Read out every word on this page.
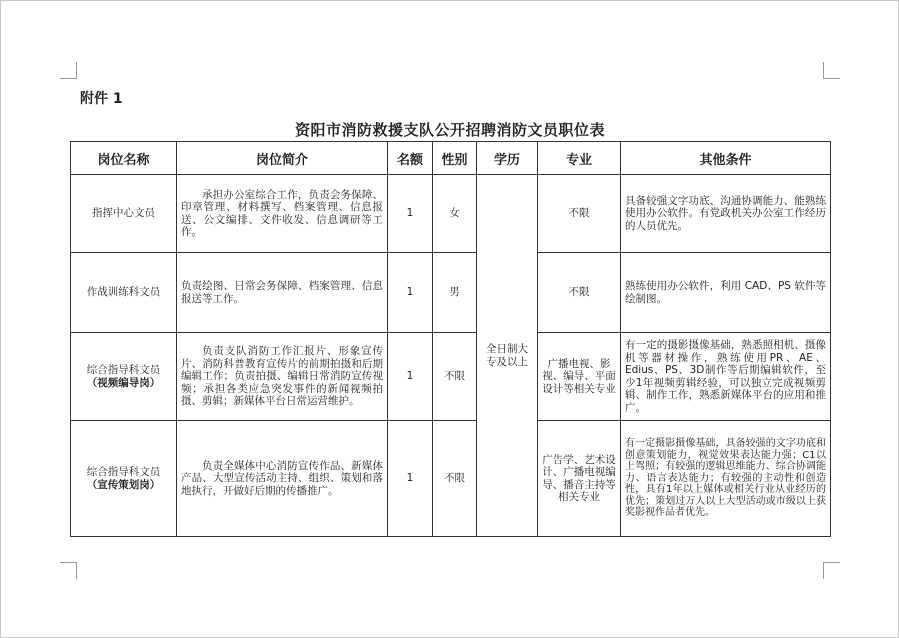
附件 1
资阳市消防救援支队公开招聘消防文员职位表
岗位名称	岗位简介	名额	性别	学历	专业	其他条件
指挥中心文员	承担办公室综合工作，负责会务保障、印章管理、材料撰写、档案管理、信息报送、公文编排、文件收发、信息调研等工作。	1	女	全日制大专及以上	不限	具备较强文字功底、沟通协调能力、能熟练使用办公软件。有党政机关办公室工作经历的人员优先。
作战训练科文员	负责绘图、日常会务保障、档案管理、信息报送等工作。	1	男		不限	熟练使用办公软件，利用 CAD、PS 软件等绘制图。

综合指导科文员
（视频编导岗）	负责支队消防工作汇报片、形象宣传片、消防科普教育宣传片的前期拍摄和后期编辑工作；负责拍摄、编辑日常消防宣传视频；承担各类应急突发事件的新闻视频拍摄、剪辑；新媒体平台日常运营维护。	1	不限		广播电视、影视、编导、平面设计等相关专业	有一定的摄影摄像基础，熟悉照相机、摄像机等器材操作，熟练使用PR、AE、Edius、PS、3D制作等后期编辑软件，至少1年视频剪辑经验，可以独立完成视频剪辑、制作工作，熟悉新媒体平台的应用和推广。

综合指导科文员
（宣传策划岗）	负责全媒体中心消防宣传作品、新媒体产品、大型宣传活动主持、组织、策划和落地执行，开做好后期的传播推广。	1	不限		广告学、艺术设计、广播电视编导、播音主持等相关专业	有一定摄影摄像基础，具备较强的文字功底和创意策划能力，视觉效果表达能力强；C1以上驾照；有较强的逻辑思维能力、综合协调能力、语言表达能力；有较强的主动性和创造性，具有1年以上媒体或相关行业从业经历的优先；策划过万人以上大型活动或市级以上获奖影视作品者优先。
